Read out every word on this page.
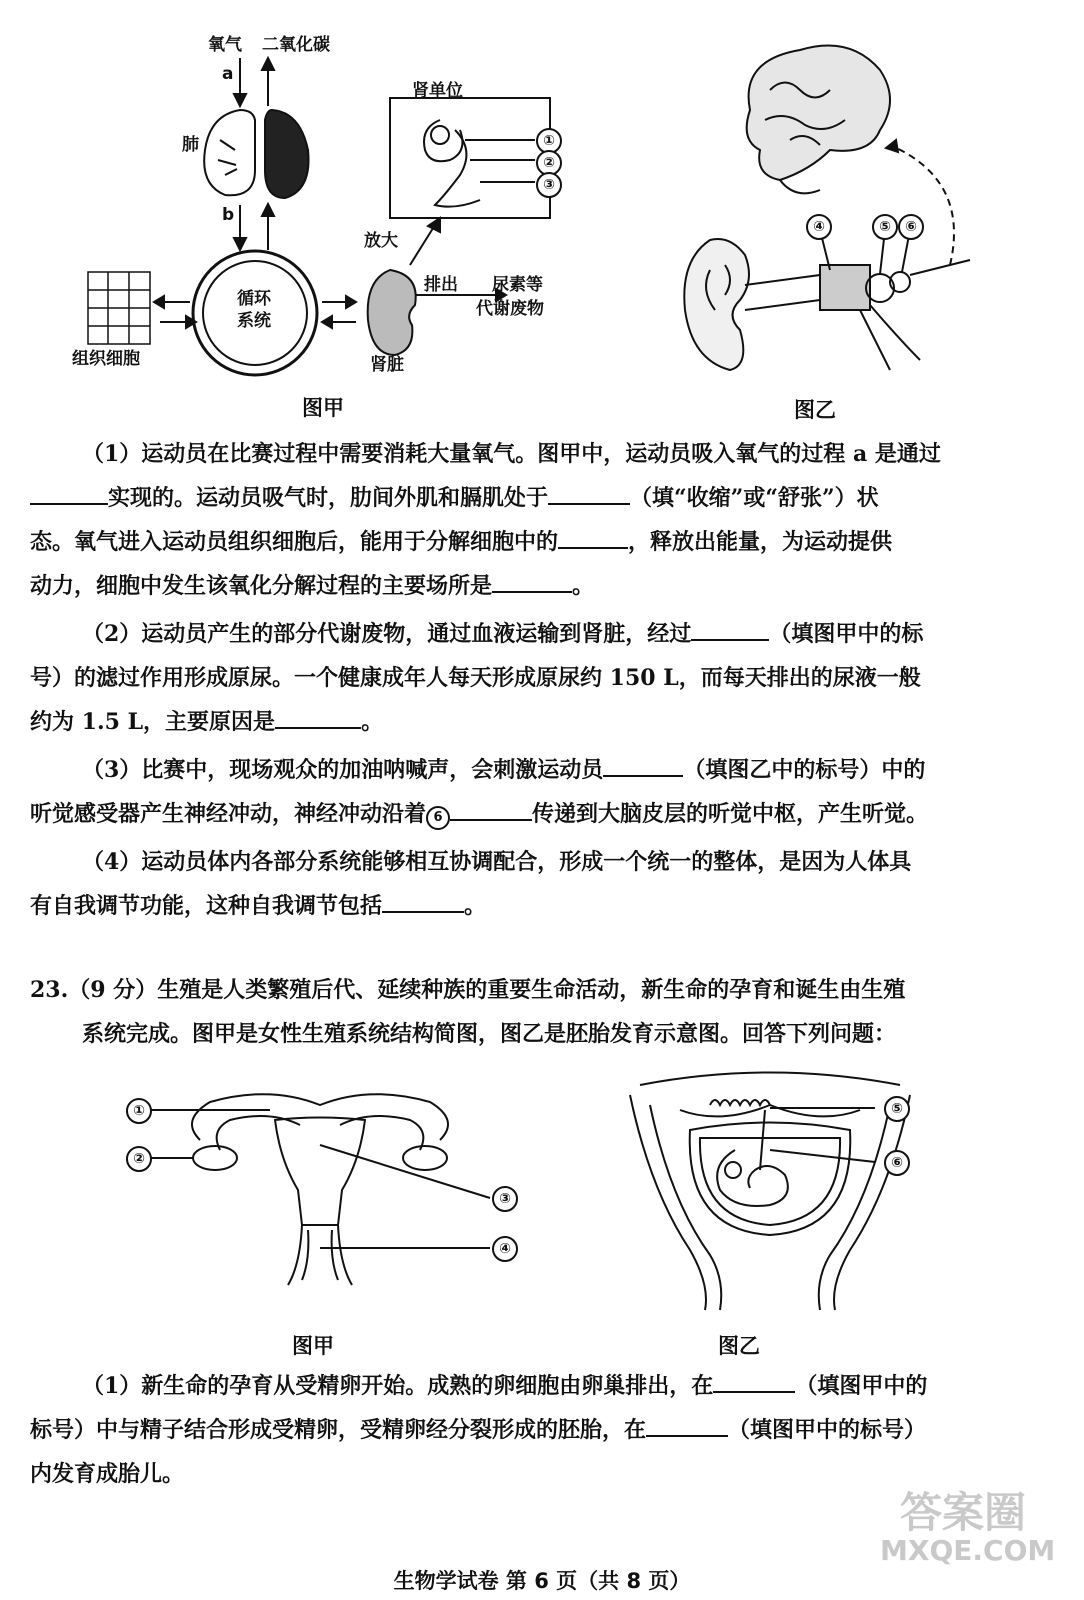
氧气 二氧化碳
a
b
肺
肾单位
放大
排出 尿素等
代谢废物
循环
系统
组织细胞	肾脏
①
②
③
图甲
④	⑤	⑥
图乙
（1）运动员在比赛过程中需要消耗大量氧气。图甲中，运动员吸入氧气的过程 a 是通过
实现的。运动员吸气时，肋间外肌和膈肌处于	（填“收缩”或“舒张”）状
态。氧气进入运动员组织细胞后，能用于分解细胞中的	，释放出能量，为运动提供
动力，细胞中发生该氧化分解过程的主要场所是	。
（2）运动员产生的部分代谢废物，通过血液运输到肾脏，经过	（填图甲中的标
号）的滤过作用形成原尿。一个健康成年人每天形成原尿约 150 L，而每天排出的尿液一般
约为 1.5 L，主要原因是	。
（3）比赛中，现场观众的加油呐喊声，会刺激运动员	（填图乙中的标号）中的
听觉感受器产生神经冲动，神经冲动沿着 6	传递到大脑皮层的听觉中枢，产生听觉。
（4）运动员体内各部分系统能够相互协调配合，形成一个统一的整体，是因为人体具
有自我调节功能，这种自我调节包括	。
23.（9 分）生殖是人类繁殖后代、延续种族的重要生命活动，新生命的孕育和诞生由生殖
系统完成。图甲是女性生殖系统结构简图，图乙是胚胎发育示意图。回答下列问题：
①
②
③
④
图甲
⑤
⑥
图乙
（1）新生命的孕育从受精卵开始。成熟的卵细胞由卵巢排出，在	（填图甲中的
标号）中与精子结合形成受精卵，受精卵经分裂形成的胚胎，在	（填图甲中的标号）
内发育成胎儿。
生物学试卷 第 6 页（共 8 页）
答案圈
MXQE.COM
